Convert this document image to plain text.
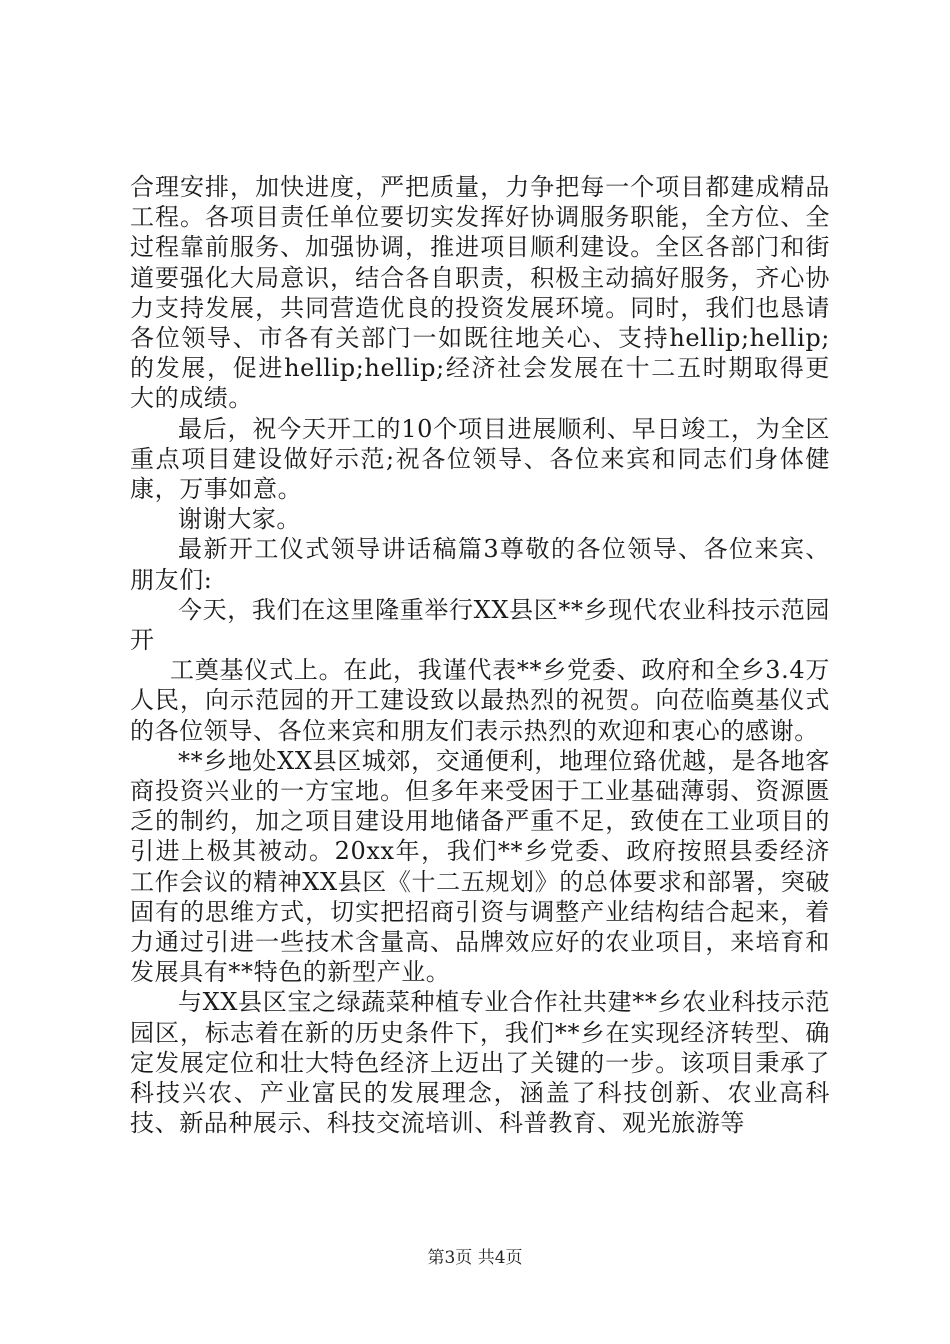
合理安排，加快进度，严把质量，力争把每一个项目都建成精品工程。各项目责任单位要切实发挥好协调服务职能，全方位、全过程靠前服务、加强协调，推进项目顺利建设。全区各部门和街道要强化大局意识，结合各自职责，积极主动搞好服务，齐心协力支持发展，共同营造优良的投资发展环境。同时，我们也恳请各位领导、市各有关部门一如既往地关心、支持hellip;hellip;的发展，促进hellip;hellip;经济社会发展在十二五时期取得更大的成绩。

最后，祝今天开工的10个项目进展顺利、早日竣工，为全区重点项目建设做好示范;祝各位领导、各位来宾和同志们身体健康，万事如意。

谢谢大家。

最新开工仪式领导讲话稿篇3尊敬的各位领导、各位来宾、朋友们:

今天，我们在这里隆重举行XX县区**乡现代农业科技示范园开

工奠基仪式上。在此，我谨代表**乡党委、政府和全乡3.4万人民，向示范园的开工建设致以最热烈的祝贺。向莅临奠基仪式的各位领导、各位来宾和朋友们表示热烈的欢迎和衷心的感谢。

**乡地处XX县区城郊，交通便利，地理位臵优越，是各地客商投资兴业的一方宝地。但多年来受困于工业基础薄弱、资源匮乏的制约，加之项目建设用地储备严重不足，致使在工业项目的引进上极其被动。20xx年，我们**乡党委、政府按照县委经济工作会议的精神XX县区《十二五规划》的总体要求和部署，突破固有的思维方式，切实把招商引资与调整产业结构结合起来，着力通过引进一些技术含量高、品牌效应好的农业项目，来培育和发展具有**特色的新型产业。

与XX县区宝之绿蔬菜种植专业合作社共建**乡农业科技示范园区，标志着在新的历史条件下，我们**乡在实现经济转型、确定发展定位和壮大特色经济上迈出了关键的一步。该项目秉承了科技兴农、产业富民的发展理念，涵盖了科技创新、农业高科技、新品种展示、科技交流培训、科普教育、观光旅游等

第3页 共4页
